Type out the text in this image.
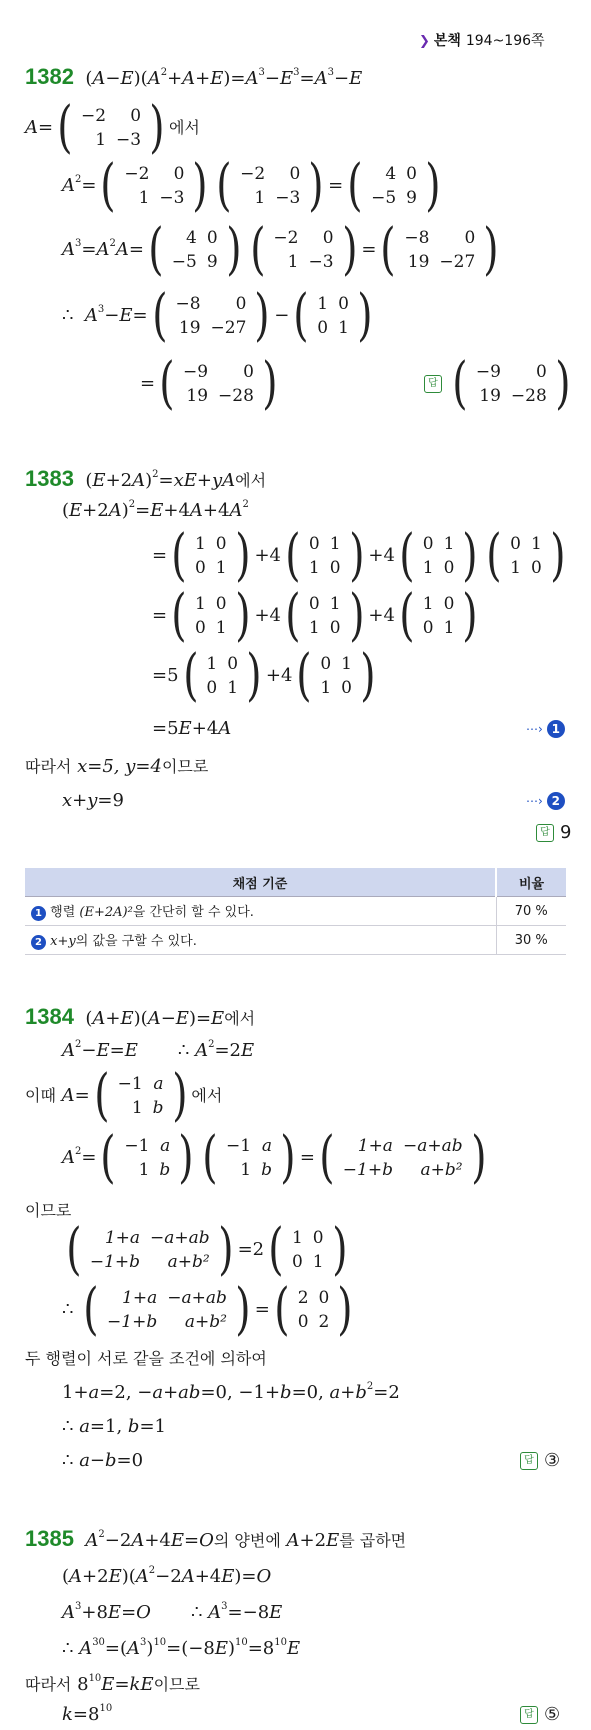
❯ 본책 194~196쪽
1382  $(A-E)(A^2+A+E)=A^3-E^3=A^3-E$
A= ( −2	0
1	−3 ) 에서
$A^2=$ ( −2	0
1	−3 ) ( −2	0
1	−3 ) = ( 4	0
−5	9 )
$A^3=A^2A=$ ( 4	0
−5	9 ) ( −2	0
1	−3 ) = ( −8	0
19	−27 )
∴  $A^3-E=$ ( −8	0
19	−27 ) − ( 1	0
0	1 )
= ( −9	0
19	−28 )	답 ( −9	0
19	−28 )
1383  $(E+2A)^2=xE+yA$에서
$(E+2A)^2=E+4A+4A^2$
= ( 1	0
0	1 ) +4 ( 0	1
1	0 ) +4 ( 0	1
1	0 ) ( 0	1
1	0 )
= ( 1	0
0	1 ) +4 ( 0	1
1	0 ) +4 ( 1	0
0	1 )
=5 ( 1	0
0	1 ) +4 ( 0	1
1	0 )
=5E+4A	⋯› 1
따라서 x=5, y=4이므로
x+y=9	⋯› 2
답 9
채점 기준	비율
1 행렬 (E+2A)²을 간단히 할 수 있다.	70 %
2 x+y의 값을 구할 수 있다.	30 %
1384  (A+E)(A−E)=E에서
$A^2-E=E$ ∴ $A^2=2E$
이때 A= ( −1	a
1	b ) 에서
$A^2=$ ( −1	a
1	b ) ( −1	a
1	b ) = ( 1+a	−a+ab
−1+b	a+b² )
이므로
( 1+a	−a+ab
−1+b	a+b² ) =2 ( 1	0
0	1 )
∴ ( 1+a	−a+ab
−1+b	a+b² ) = ( 2	0
0	2 )
두 행렬이 서로 같을 조건에 의하여
1+a=2, −a+ab=0, −1+b=0, $a+b^2=2$
∴ a=1, b=1
∴ a−b=0	답 ③
1385 $A^2-2A+4E=O$의 양변에 A+2E를 곱하면
$(A+2E)(A^2-2A+4E)=O$
$A^3+8E=O$       ∴ $A^3=-8E$
∴ $A^{30}=(A^3)^{10}=(-8E)^{10}=8^{10}E$
따라서 $8^{10}E=kE$이므로
$k=8^{10}$	답 ⑤
